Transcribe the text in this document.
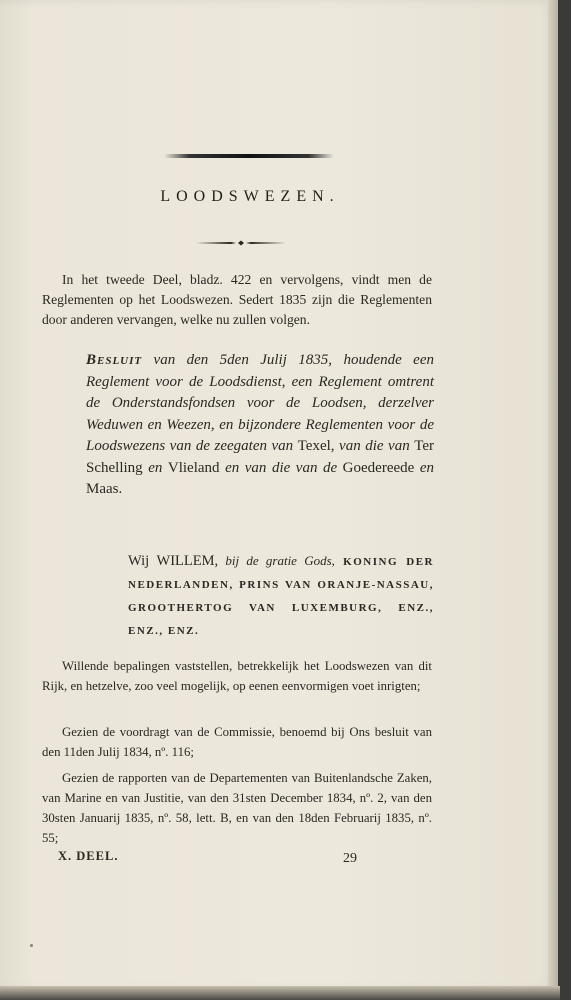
LOODSWEZEN.
In het tweede Deel, bladz. 422 en vervolgens, vindt men de Reglementen op het Loodswezen. Sedert 1835 zijn die Reglementen door anderen vervangen, welke nu zullen volgen.
Besluit van den 5den Julij 1835, houdende een Reglement voor de Loodsdienst, een Reglement omtrent de Onderstandsfondsen voor de Loodsen, derzelver Weduwen en Weezen, en bijzondere Reglementen voor de Loodswezens van de zeegaten van Texel, van die van Ter Schelling en Vlieland en van die van de Goedereede en Maas.
Wij WILLEM, bij de gratie Gods, KONING DER NEDERLANDEN, PRINS VAN ORANJE-NASSAU, GROOTHERTOG VAN LUXEMBURG, ENZ., ENZ., ENZ.
Willende bepalingen vaststellen, betrekkelijk het Loodswezen van dit Rijk, en hetzelve, zoo veel mogelijk, op eenen eenvormigen voet inrigten;
Gezien de voordragt van de Commissie, benoemd bij Ons besluit van den 11den Julij 1834, nº. 116;
Gezien de rapporten van de Departementen van Buitenlandsche Zaken, van Marine en van Justitie, van den 31sten December 1834, nº. 2, van den 30sten Januarij 1835, nº. 58, lett. B, en van den 18den Februarij 1835, nº. 55;
X. DEEL.	29
